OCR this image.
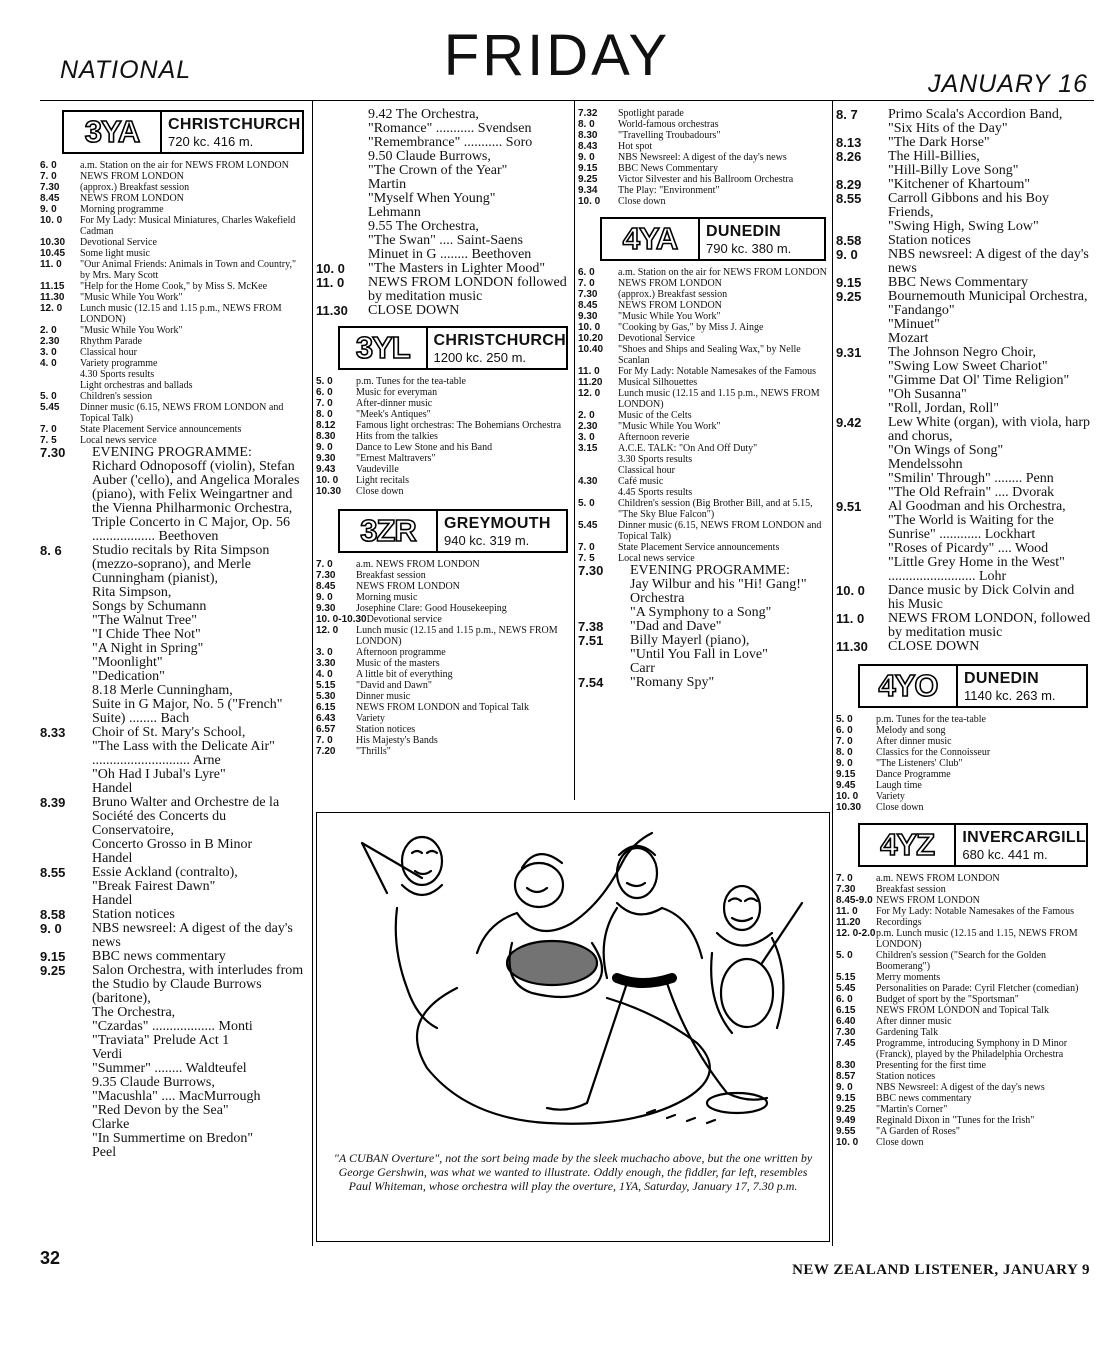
NATIONAL	FRIDAY	JANUARY 16
3YA	CHRISTCHURCH
720 kc. 416 m.
6. 0	a.m. Station on the air for NEWS FROM LONDON
7. 0	NEWS FROM LONDON
7.30	(approx.) Breakfast session
8.45	NEWS FROM LONDON
9. 0	Morning programme
10. 0	For My Lady: Musical Miniatures, Charles Wakefield Cadman
10.30	Devotional Service
10.45	Some light music
11. 0	"Our Animal Friends: Animals in Town and Country," by Mrs. Mary Scott
11.15	"Help for the Home Cook," by Miss S. McKee
11.30	"Music While You Work"
12. 0	Lunch music (12.15 and 1.15 p.m., NEWS FROM LONDON)
2. 0	"Music While You Work"
2.30	Rhythm Parade
3. 0	Classical hour
4. 0	Variety programme
4.30 Sports results
Light orchestras and ballads
5. 0	Children's session
5.45	Dinner music (6.15, NEWS FROM LONDON and Topical Talk)
7. 0	State Placement Service announcements
7. 5	Local news service
7.30	EVENING PROGRAMME:
Richard Odnoposoff (violin), Stefan Auber ('cello), and Angelica Morales (piano), with Felix Weingartner and the Vienna Philharmonic Orchestra,
Triple Concerto in C Major, Op. 56 .................. Beethoven
8. 6	Studio recitals by Rita Simpson (mezzo-soprano), and Merle Cunningham (pianist),
Rita Simpson,
Songs by Schumann
"The Walnut Tree"
"I Chide Thee Not"
"A Night in Spring"
"Moonlight"
"Dedication"
8.18 Merle Cunningham,
Suite in G Major, No. 5 ("French" Suite) ........ Bach
8.33	Choir of St. Mary's School,
"The Lass with the Delicate Air" ............................ Arne
"Oh Had I Jubal's Lyre"
Handel
8.39	Bruno Walter and Orchestre de la Société des Concerts du Conservatoire,
Concerto Grosso in B Minor
Handel
8.55	Essie Ackland (contralto),
"Break Fairest Dawn"
Handel
8.58	Station notices
9. 0	NBS newsreel: A digest of the day's news
9.15	BBC news commentary
9.25	Salon Orchestra, with interludes from the Studio by Claude Burrows (baritone),
The Orchestra,
"Czardas" .................. Monti
"Traviata" Prelude Act 1
Verdi
"Summer" ........ Waldteufel
9.35 Claude Burrows,
"Macushla" .... MacMurrough
"Red Devon by the Sea"
Clarke
"In Summertime on Bredon"
Peel
9.42 The Orchestra,
"Romance" ........... Svendsen
"Remembrance" ........... Soro
9.50 Claude Burrows,
"The Crown of the Year"
Martin
"Myself When Young"
Lehmann
9.55 The Orchestra,
"The Swan" .... Saint-Saens
Minuet in G ........ Beethoven
10. 0	"The Masters in Lighter Mood"
11. 0	NEWS FROM LONDON followed by meditation music
11.30	CLOSE DOWN
3YL	CHRISTCHURCH
1200 kc. 250 m.
5. 0	p.m. Tunes for the tea-table
6. 0	Music for everyman
7. 0	After-dinner music
8. 0	"Meek's Antiques"
8.12	Famous light orchestras: The Bohemians Orchestra
8.30	Hits from the talkies
9. 0	Dance to Lew Stone and his Band
9.30	"Ernest Maltravers"
9.43	Vaudeville
10. 0	Light recitals
10.30	Close down
3ZR	GREYMOUTH
940 kc. 319 m.
7. 0	a.m. NEWS FROM LONDON
7.30	Breakfast session
8.45	NEWS FROM LONDON
9. 0	Morning music
9.30	Josephine Clare: Good Housekeeping
10. 0-10.30 Devotional service
12. 0	Lunch music (12.15 and 1.15 p.m., NEWS FROM LONDON)
3. 0	Afternoon programme
3.30	Music of the masters
4. 0	A little bit of everything
5.15	"David and Dawn"
5.30	Dinner music
6.15	NEWS FROM LONDON and Topical Talk
6.43	Variety
6.57	Station notices
7. 0	His Majesty's Bands
7.20	"Thrills"
7.32	Spotlight parade
8. 0	World-famous orchestras
8.30	"Travelling Troubadours"
8.43	Hot spot
9. 0	NBS Newsreel: A digest of the day's news
9.15	BBC News Commentary
9.25	Victor Silvester and his Ballroom Orchestra
9.34	The Play: "Environment"
10. 0	Close down
4YA	DUNEDIN
790 kc. 380 m.
6. 0	a.m. Station on the air for NEWS FROM LONDON
7. 0	NEWS FROM LONDON
7.30	(approx.) Breakfast session
8.45	NEWS FROM LONDON
9.30	"Music While You Work"
10. 0	"Cooking by Gas," by Miss J. Ainge
10.20	Devotional Service
10.40	"Shoes and Ships and Sealing Wax," by Nelle Scanlan
11. 0	For My Lady: Notable Namesakes of the Famous
11.20	Musical Silhouettes
12. 0	Lunch music (12.15 and 1.15 p.m., NEWS FROM LONDON)
2. 0	Music of the Celts
2.30	"Music While You Work"
3. 0	Afternoon reverie
3.15	A.C.E. TALK: "On And Off Duty"
3.30 Sports results
Classical hour
4.30	Café music
4.45 Sports results
5. 0	Children's session (Big Brother Bill, and at 5.15, "The Sky Blue Falcon")
5.45	Dinner music (6.15, NEWS FROM LONDON and Topical Talk)
7. 0	State Placement Service announcements
7. 5	Local news service
7.30	EVENING PROGRAMME:
Jay Wilbur and his "Hi! Gang!" Orchestra
"A Symphony to a Song"
7.38	"Dad and Dave"
7.51	Billy Mayerl (piano),
"Until You Fall in Love"
Carr
7.54	"Romany Spy"
8. 7	Primo Scala's Accordion Band,
"Six Hits of the Day"
8.13	"The Dark Horse"
8.26	The Hill-Billies,
"Hill-Billy Love Song"
8.29	"Kitchener of Khartoum"
8.55	Carroll Gibbons and his Boy Friends,
"Swing High, Swing Low"
8.58	Station notices
9. 0	NBS newsreel: A digest of the day's news
9.15	BBC News Commentary
9.25	Bournemouth Municipal Orchestra,
"Fandango"
"Minuet"
Mozart
9.31	The Johnson Negro Choir,
"Swing Low Sweet Chariot"
"Gimme Dat Ol' Time Religion"
"Oh Susanna"
"Roll, Jordan, Roll"
9.42	Lew White (organ), with viola, harp and chorus,
"On Wings of Song"
Mendelssohn
"Smilin' Through" ........ Penn
"The Old Refrain" .... Dvorak
9.51	Al Goodman and his Orchestra,
"The World is Waiting for the Sunrise" ............ Lockhart
"Roses of Picardy" .... Wood
"Little Grey Home in the West" ......................... Lohr
10. 0	Dance music by Dick Colvin and his Music
11. 0	NEWS FROM LONDON, followed by meditation music
11.30	CLOSE DOWN
4YO	DUNEDIN
1140 kc. 263 m.
5. 0	p.m. Tunes for the tea-table
6. 0	Melody and song
7. 0	After dinner music
8. 0	Classics for the Connoisseur
9. 0	"The Listeners' Club"
9.15	Dance Programme
9.45	Laugh time
10. 0	Variety
10.30	Close down
4YZ	INVERCARGILL
680 kc. 441 m.
7. 0	a.m. NEWS FROM LONDON
7.30	Breakfast session
8.45-9.0 NEWS FROM LONDON
11. 0	For My Lady: Notable Namesakes of the Famous
11.20	Recordings
12. 0-2.0 p.m. Lunch music (12.15 and 1.15, NEWS FROM LONDON)
5. 0	Children's session ("Search for the Golden Boomerang")
5.15	Merry moments
5.45	Personalities on Parade: Cyril Fletcher (comedian)
6. 0	Budget of sport by the "Sportsman"
6.15	NEWS FROM LONDON and Topical Talk
6.40	After dinner music
7.30	Gardening Talk
7.45	Programme, introducing Symphony in D Minor (Franck), played by the Philadelphia Orchestra
8.30	Presenting for the first time
8.57	Station notices
9. 0	NBS Newsreel: A digest of the day's news
9.15	BBC news commentary
9.25	"Martin's Corner"
9.49	Reginald Dixon in "Tunes for the Irish"
9.55	"A Garden of Roses"
10. 0	Close down
"A CUBAN Overture", not the sort being made by the sleek muchacho above, but the one written by George Gershwin, was what we wanted to illustrate. Oddly enough, the fiddler, far left, resembles Paul Whiteman, whose orchestra will play the overture, 1YA, Saturday, January 17, 7.30 p.m.
32
NEW ZEALAND LISTENER, JANUARY 9
